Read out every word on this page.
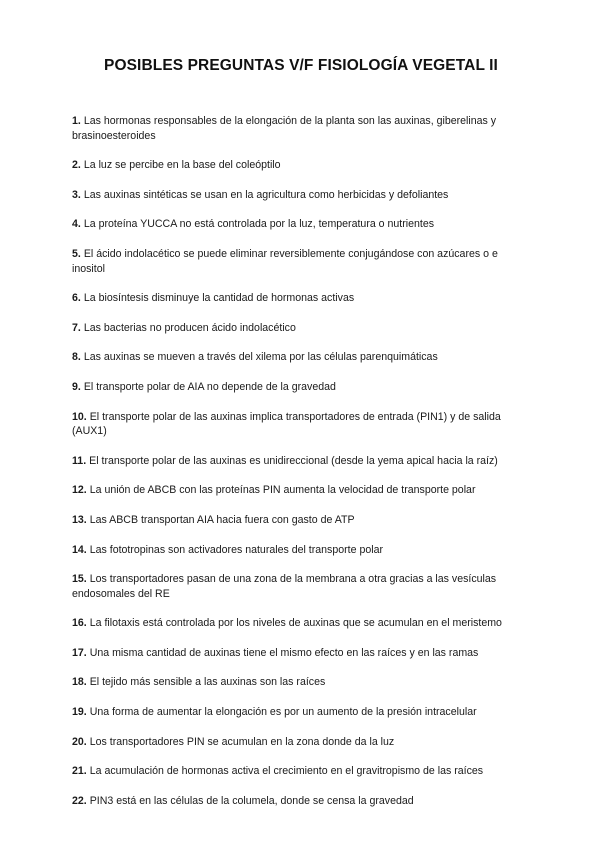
POSIBLES PREGUNTAS V/F FISIOLOGÍA VEGETAL II
1. Las hormonas responsables de la elongación de la planta son las auxinas, giberelinas y brasinoesteroides
2. La luz se percibe en la base del coleóptilo
3. Las auxinas sintéticas se usan en la agricultura como herbicidas y defoliantes
4. La proteína YUCCA no está controlada por la luz, temperatura o nutrientes
5. El ácido indolacético se puede eliminar reversiblemente conjugándose con azúcares o e inositol
6. La biosíntesis disminuye la cantidad de hormonas activas
7. Las bacterias no producen ácido indolacético
8. Las auxinas se mueven a través del xilema por las células parenquimáticas
9. El transporte polar de AIA no depende de la gravedad
10. El transporte polar de las auxinas implica transportadores de entrada (PIN1) y de salida (AUX1)
11. El transporte polar de las auxinas es unidireccional (desde la yema apical hacia la raíz)
12. La unión de ABCB con las proteínas PIN aumenta la velocidad de transporte polar
13. Las ABCB transportan AIA hacia fuera con gasto de ATP
14. Las fototropinas son activadores naturales del transporte polar
15. Los transportadores pasan de una zona de la membrana a otra gracias a las vesículas endosomales del RE
16. La filotaxis está controlada por los niveles de auxinas que se acumulan en el meristemo
17. Una misma cantidad de auxinas tiene el mismo efecto en las raíces y en las ramas
18. El tejido más sensible a las auxinas son las raíces
19. Una forma de aumentar la elongación es por un aumento de la presión intracelular
20. Los transportadores PIN se acumulan en la zona donde da la luz
21. La acumulación de hormonas activa el crecimiento en el gravitropismo de las raíces
22. PIN3 está en las células de la columela, donde se censa la gravedad
